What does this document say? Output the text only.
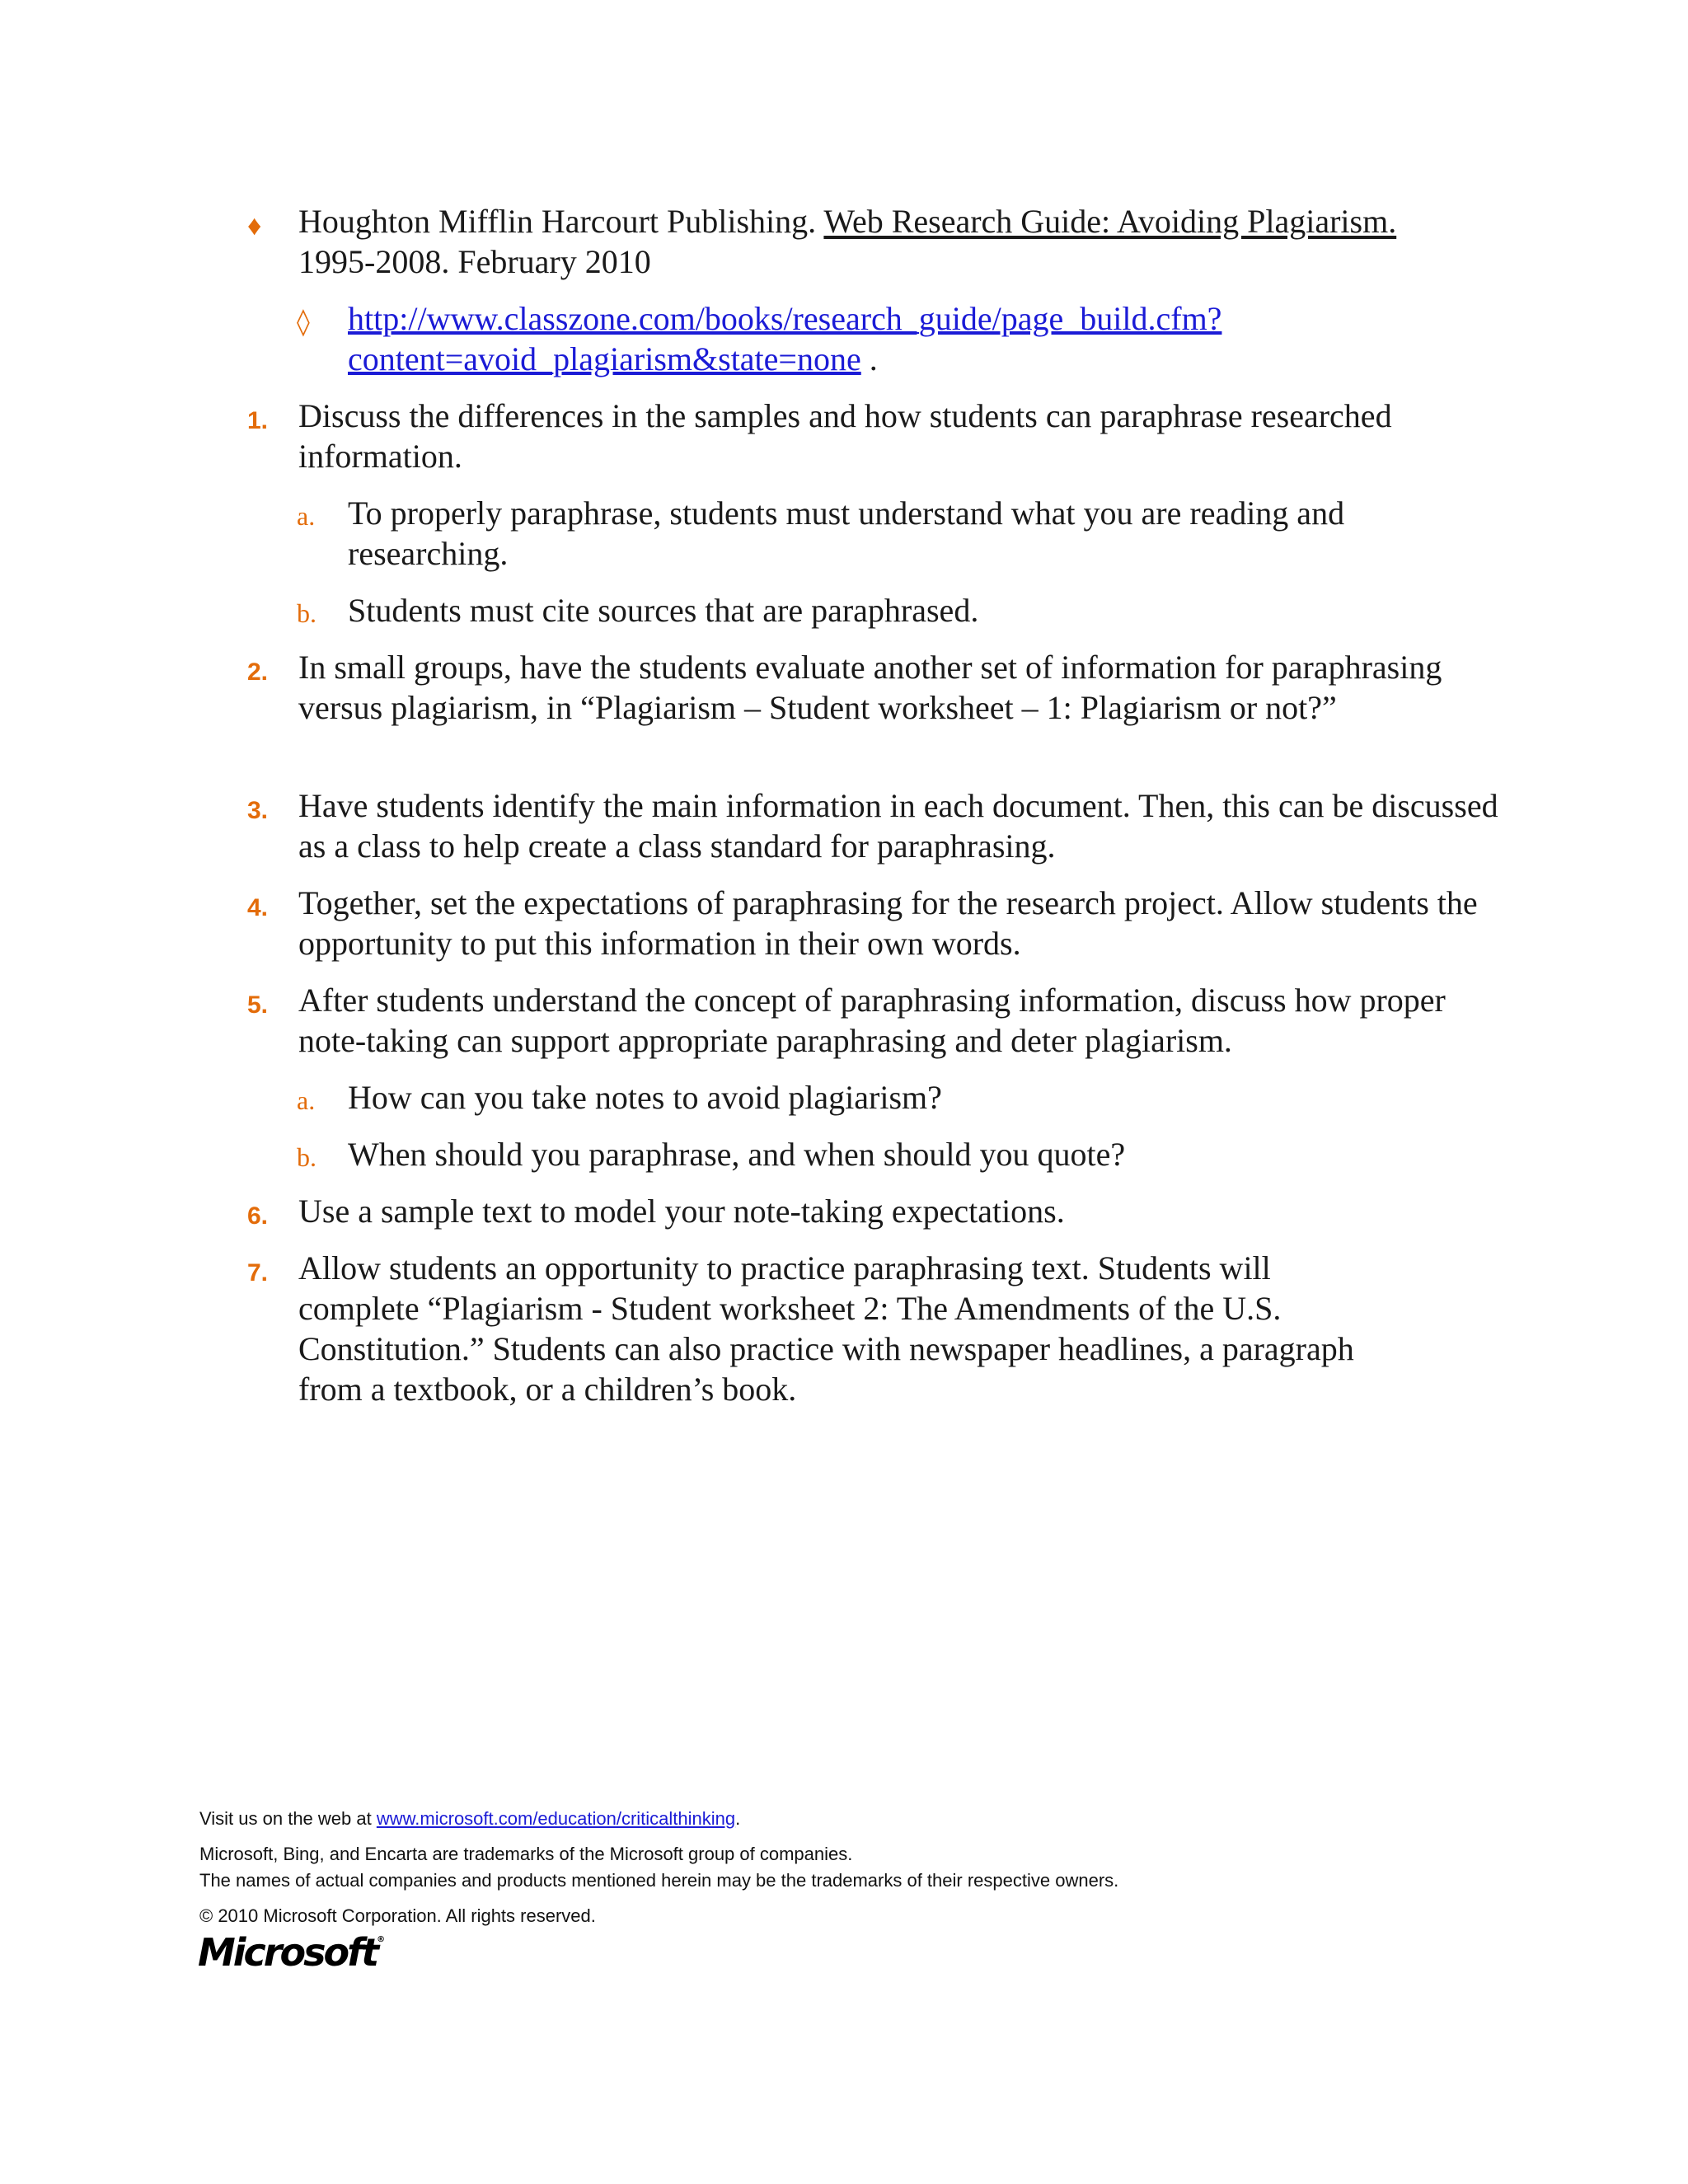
♦	Houghton Mifflin Harcourt Publishing. Web Research Guide: Avoiding Plagiarism.
1995-2008. February 2010
◊	http://www.classzone.com/books/research_guide/page_build.cfm?
content=avoid_plagiarism&state=none .
1. Discuss the differences in the samples and how students can paraphrase researched information.
a. To properly paraphrase, students must understand what you are reading and researching.
b. Students must cite sources that are paraphrased.
2. In small groups, have the students evaluate another set of information for paraphrasing versus plagiarism, in “Plagiarism – Student worksheet – 1: Plagiarism or not?”
3. Have students identify the main information in each document. Then, this can be discussed as a class to help create a class standard for paraphrasing.
4. Together, set the expectations of paraphrasing for the research project. Allow students the opportunity to put this information in their own words.
5. After students understand the concept of paraphrasing information, discuss how proper note-taking can support appropriate paraphrasing and deter plagiarism.
a. How can you take notes to avoid plagiarism?
b. When should you paraphrase, and when should you quote?
6. Use a sample text to model your note-taking expectations.
7. Allow students an opportunity to practice paraphrasing text. Students will complete “Plagiarism - Student worksheet 2: The Amendments of the U.S. Constitution.” Students can also practice with newspaper headlines, a paragraph from a textbook, or a children’s book.
Visit us on the web at www.microsoft.com/education/criticalthinking.
Microsoft, Bing, and Encarta are trademarks of the Microsoft group of companies.
The names of actual companies and products mentioned herein may be the trademarks of their respective owners.
© 2010 Microsoft Corporation. All rights reserved.
Microsoft®
